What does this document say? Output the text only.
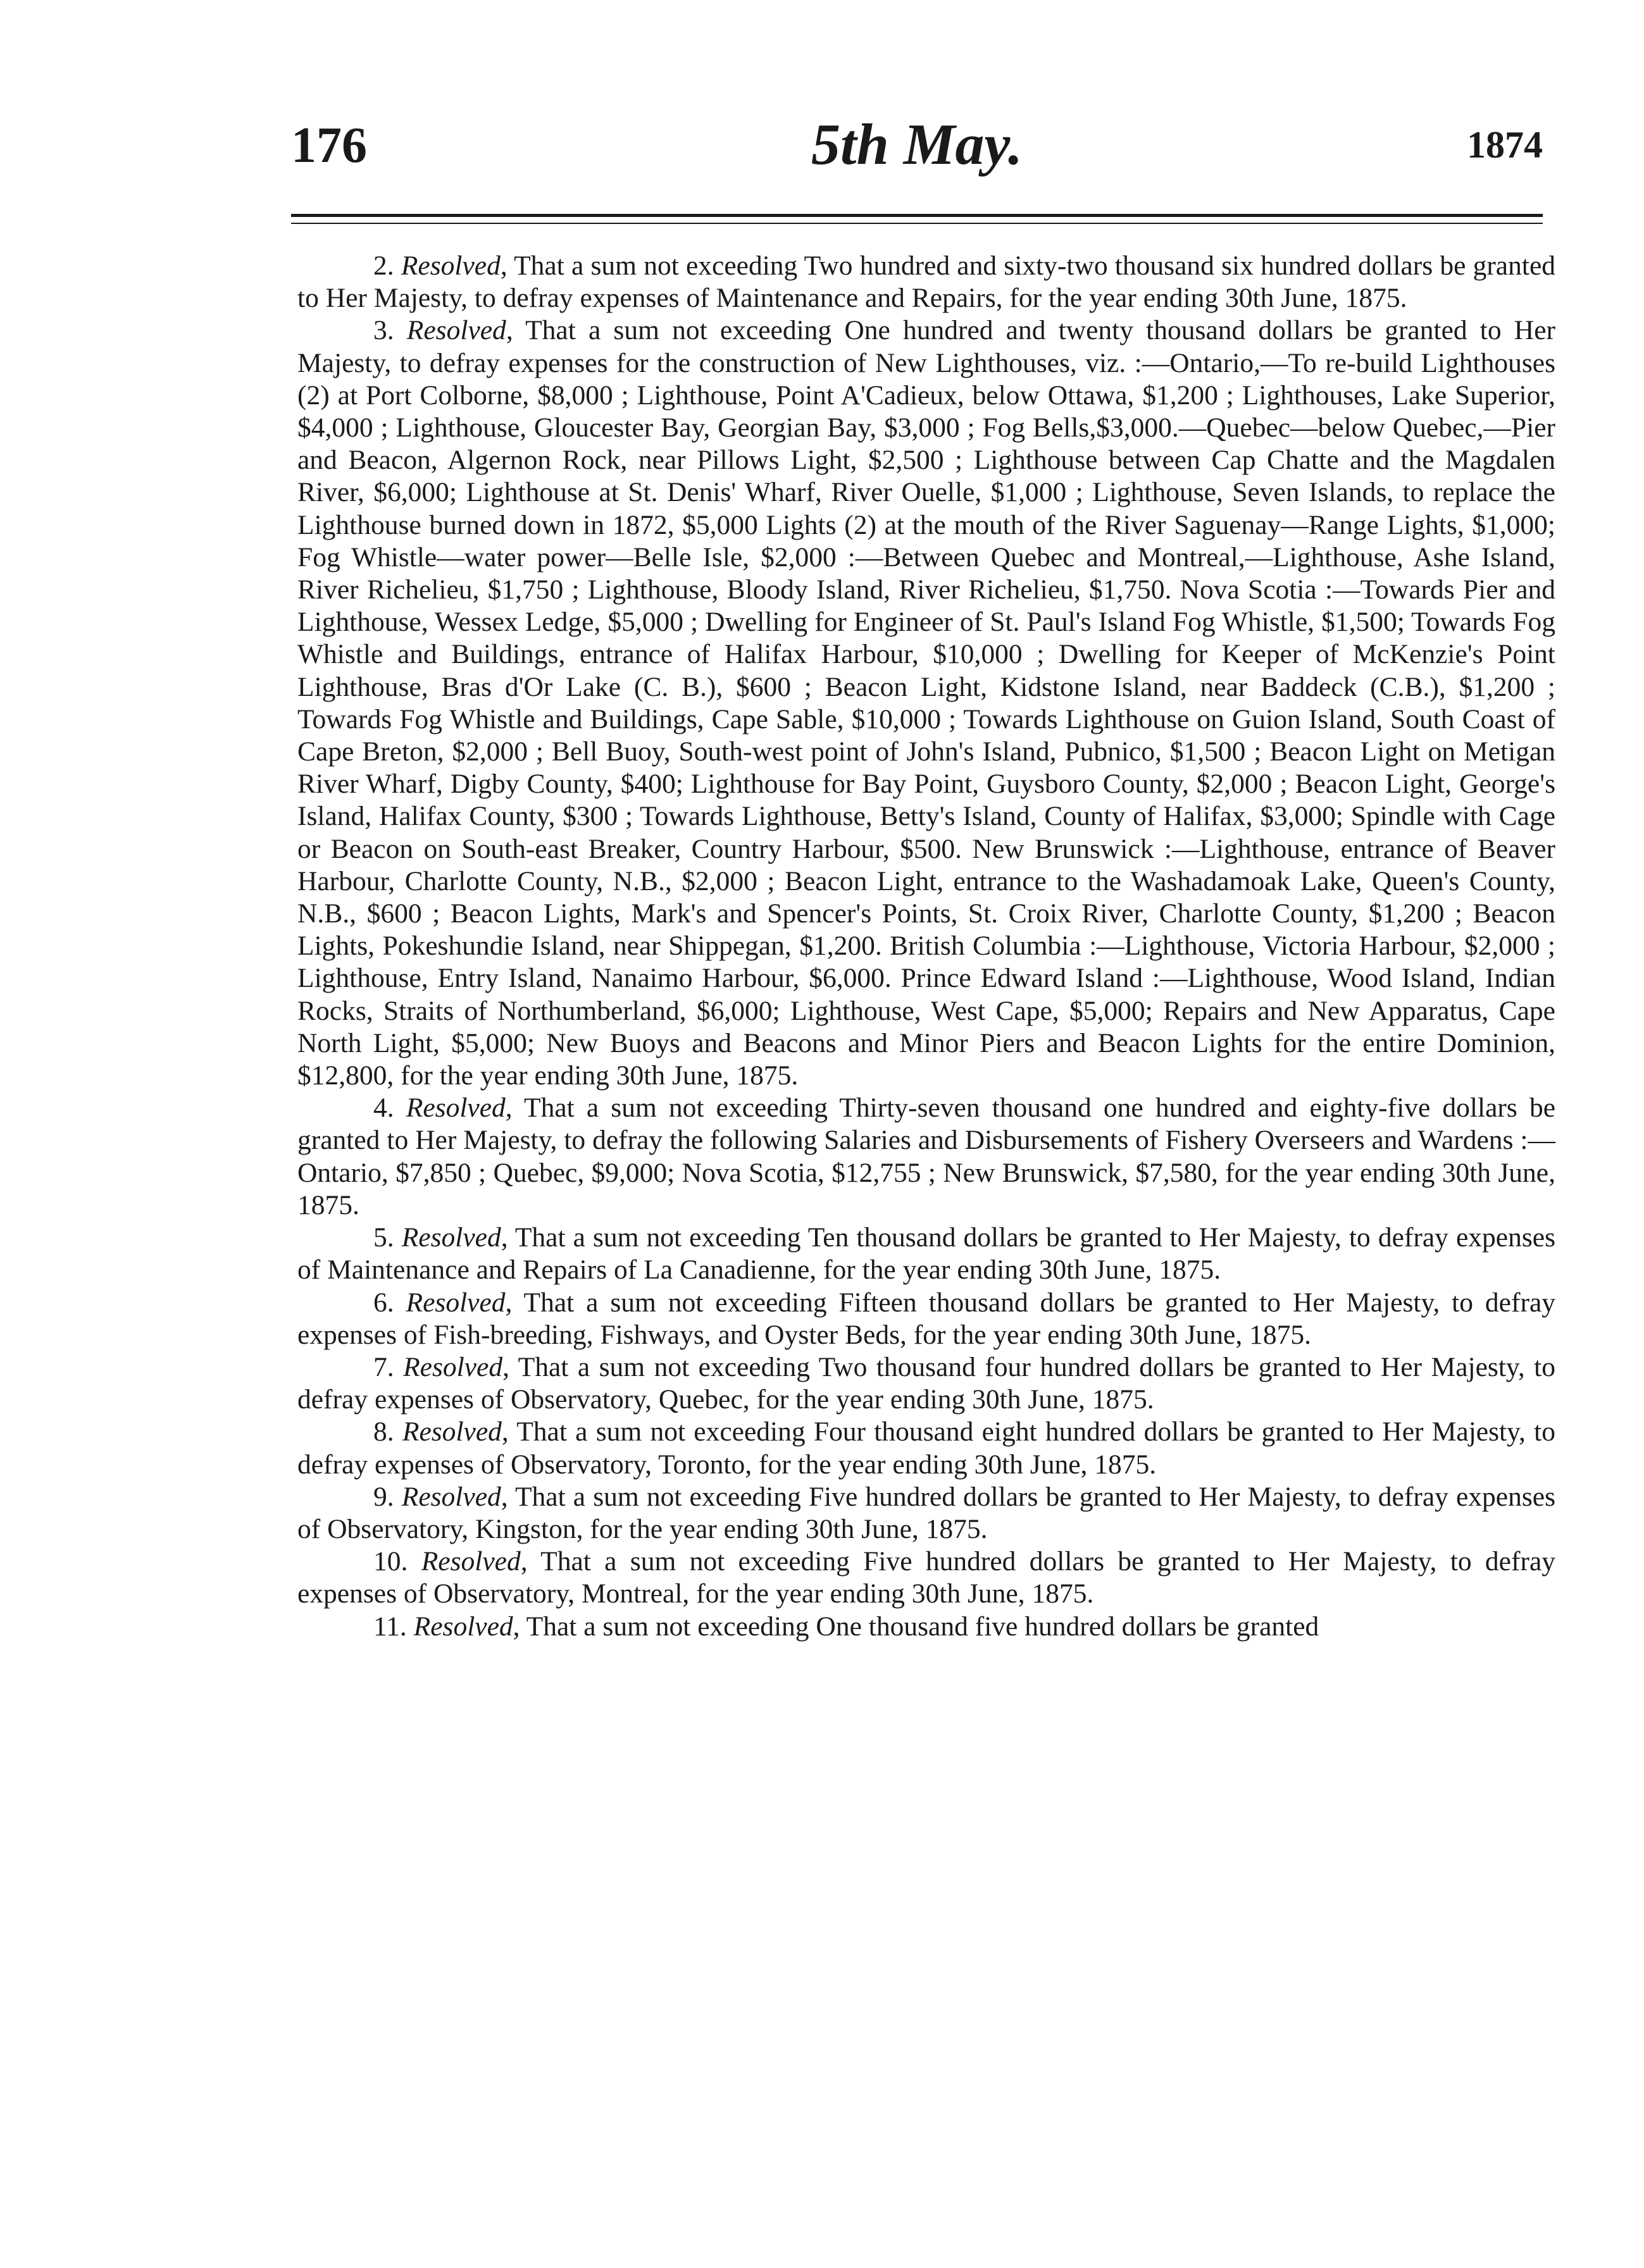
176	5th May.	1874

2. Resolved, That a sum not exceeding Two hundred and sixty-two thousand six hundred dollars be granted to Her Majesty, to defray expenses of Maintenance and Repairs, for the year ending 30th June, 1875.

3. Resolved, That a sum not exceeding One hundred and twenty thousand dollars be granted to Her Majesty, to defray expenses for the construction of New Lighthouses, viz. :—Ontario,—To re-build Lighthouses (2) at Port Colborne, $8,000 ; Lighthouse, Point A'Cadieux, below Ottawa, $1,200 ; Lighthouses, Lake Superior, $4,000 ; Lighthouse, Gloucester Bay, Georgian Bay, $3,000 ; Fog Bells,$3,000.—Quebec—below Quebec,—Pier and Beacon, Algernon Rock, near Pillows Light, $2,500 ; Lighthouse between Cap Chatte and the Magdalen River, $6,000; Lighthouse at St. Denis' Wharf, River Ouelle, $1,000 ; Lighthouse, Seven Islands, to replace the Lighthouse burned down in 1872, $5,000 Lights (2) at the mouth of the River Saguenay—Range Lights, $1,000; Fog Whistle—water power—Belle Isle, $2,000 :—Between Quebec and Montreal,—Lighthouse, Ashe Island, River Richelieu, $1,750 ; Lighthouse, Bloody Island, River Richelieu, $1,750. Nova Scotia :—Towards Pier and Lighthouse, Wessex Ledge, $5,000 ; Dwelling for Engineer of St. Paul's Island Fog Whistle, $1,500; Towards Fog Whistle and Buildings, entrance of Halifax Harbour, $10,000 ; Dwelling for Keeper of McKenzie's Point Lighthouse, Bras d'Or Lake (C. B.), $600 ; Beacon Light, Kidstone Island, near Baddeck (C.B.), $1,200 ; Towards Fog Whistle and Buildings, Cape Sable, $10,000 ; Towards Lighthouse on Guion Island, South Coast of Cape Breton, $2,000 ; Bell Buoy, South-west point of John's Island, Pubnico, $1,500 ; Beacon Light on Metigan River Wharf, Digby County, $400; Lighthouse for Bay Point, Guysboro County, $2,000 ; Beacon Light, George's Island, Halifax County, $300 ; Towards Lighthouse, Betty's Island, County of Halifax, $3,000; Spindle with Cage or Beacon on South-east Breaker, Country Harbour, $500. New Brunswick :—Lighthouse, entrance of Beaver Harbour, Charlotte County, N.B., $2,000 ; Beacon Light, entrance to the Washadamoak Lake, Queen's County, N.B., $600 ; Beacon Lights, Mark's and Spencer's Points, St. Croix River, Charlotte County, $1,200 ; Beacon Lights, Pokeshundie Island, near Shippegan, $1,200. British Columbia :—Lighthouse, Victoria Harbour, $2,000 ; Lighthouse, Entry Island, Nanaimo Harbour, $6,000. Prince Edward Island :—Lighthouse, Wood Island, Indian Rocks, Straits of Northumberland, $6,000; Lighthouse, West Cape, $5,000; Repairs and New Apparatus, Cape North Light, $5,000; New Buoys and Beacons and Minor Piers and Beacon Lights for the entire Dominion, $12,800, for the year ending 30th June, 1875.

4. Resolved, That a sum not exceeding Thirty-seven thousand one hundred and eighty-five dollars be granted to Her Majesty, to defray the following Salaries and Disbursements of Fishery Overseers and Wardens :—Ontario, $7,850 ; Quebec, $9,000; Nova Scotia, $12,755 ; New Brunswick, $7,580, for the year ending 30th June, 1875.

5. Resolved, That a sum not exceeding Ten thousand dollars be granted to Her Majesty, to defray expenses of Maintenance and Repairs of La Canadienne, for the year ending 30th June, 1875.

6. Resolved, That a sum not exceeding Fifteen thousand dollars be granted to Her Majesty, to defray expenses of Fish-breeding, Fishways, and Oyster Beds, for the year ending 30th June, 1875.

7. Resolved, That a sum not exceeding Two thousand four hundred dollars be granted to Her Majesty, to defray expenses of Observatory, Quebec, for the year ending 30th June, 1875.

8. Resolved, That a sum not exceeding Four thousand eight hundred dollars be granted to Her Majesty, to defray expenses of Observatory, Toronto, for the year ending 30th June, 1875.

9. Resolved, That a sum not exceeding Five hundred dollars be granted to Her Majesty, to defray expenses of Observatory, Kingston, for the year ending 30th June, 1875.

10. Resolved, That a sum not exceeding Five hundred dollars be granted to Her Majesty, to defray expenses of Observatory, Montreal, for the year ending 30th June, 1875.

11. Resolved, That a sum not exceeding One thousand five hundred dollars be granted
